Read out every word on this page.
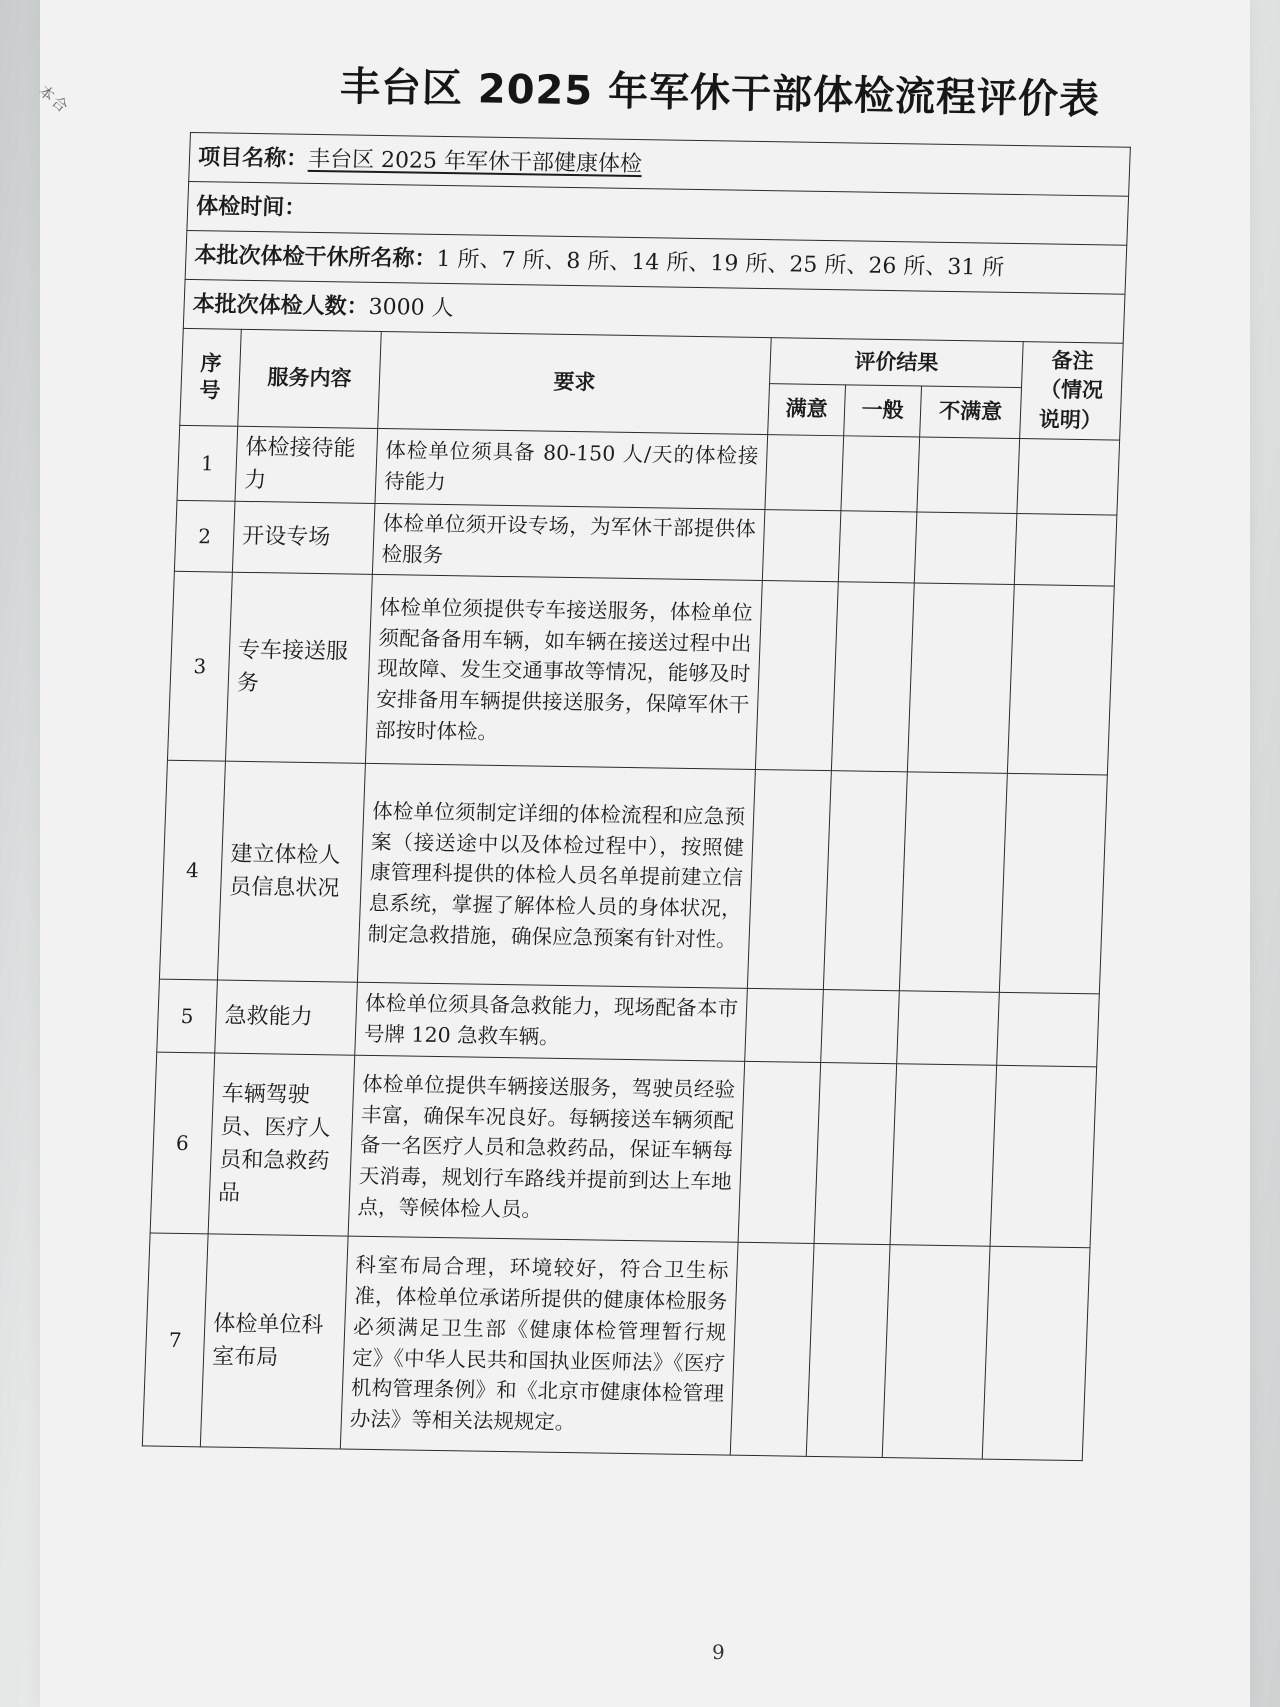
本合	丰台区 2025 年军休干部体检流程评价表
项目名称：丰台区 2025 年军休干部健康体检						
体检时间：						
本批次体检干休所名称：1 所、7 所、8 所、14 所、19 所、25 所、26 所、31 所						
本批次体检人数：3000 人						
序号	服务内容	要求	评价结果			备注（情况说明）
			满意	一般	不满意	
1	体检接待能力	体检单位须具备 80-150 人/天的体检接待能力				
2	开设专场	体检单位须开设专场，为军休干部提供体检服务				
3	专车接送服务	体检单位须提供专车接送服务，体检单位须配备备用车辆，如车辆在接送过程中出现故障、发生交通事故等情况，能够及时安排备用车辆提供接送服务，保障军休干部按时体检。				
4	建立体检人员信息状况	体检单位须制定详细的体检流程和应急预案（接送途中以及体检过程中），按照健康管理科提供的体检人员名单提前建立信息系统，掌握了解体检人员的身体状况，制定急救措施，确保应急预案有针对性。				
5	急救能力	体检单位须具备急救能力，现场配备本市号牌 120 急救车辆。				
6	车辆驾驶员、医疗人员和急救药品	体检单位提供车辆接送服务，驾驶员经验丰富，确保车况良好。每辆接送车辆须配备一名医疗人员和急救药品，保证车辆每天消毒，规划行车路线并提前到达上车地点，等候体检人员。				
7	体检单位科室布局	科室布局合理，环境较好，符合卫生标准，体检单位承诺所提供的健康体检服务必须满足卫生部《健康体检管理暂行规定》《中华人民共和国执业医师法》《医疗机构管理条例》和《北京市健康体检管理办法》等相关法规规定。				
9
